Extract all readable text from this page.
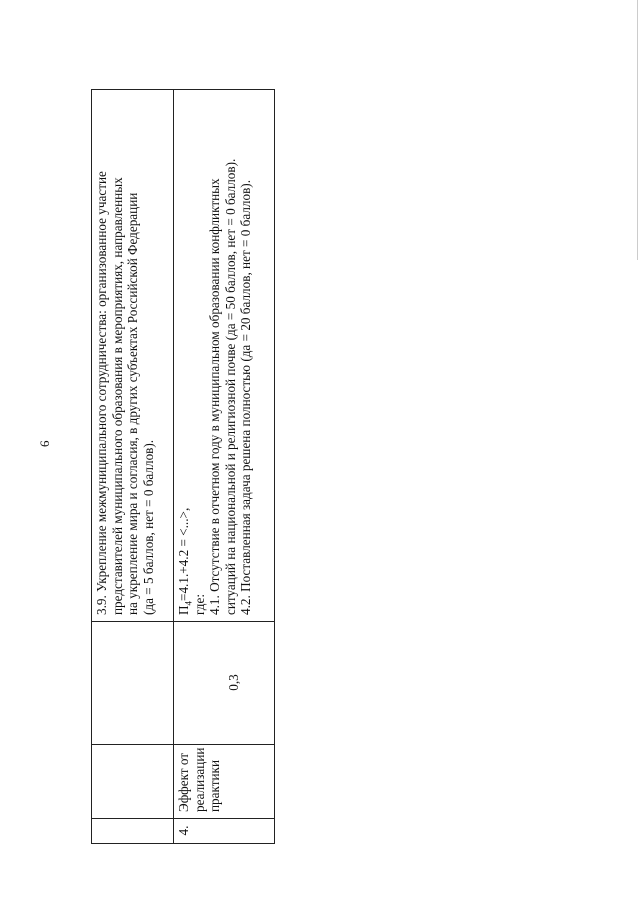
6

			3.9. Укрепление межмуниципального сотрудничества: организованное участие представителей муниципального образования в мероприятиях, направленных на укрепление мира и согласия, в других субъектах Российской Федерации (да = 5 баллов, нет = 0 баллов).

4.	Эффект от реализации практики	0,3	$П_4=4.1.+4.2$ = <...>,
где: 4.1. Отсутствие в отчетном году в муниципальном образовании конфликтных ситуаций на национальной и религиозной почве (да = 50 баллов, нет = 0 баллов). 4.2. Поставленная задача решена полностью (да = 20 баллов, нет = 0 баллов).
